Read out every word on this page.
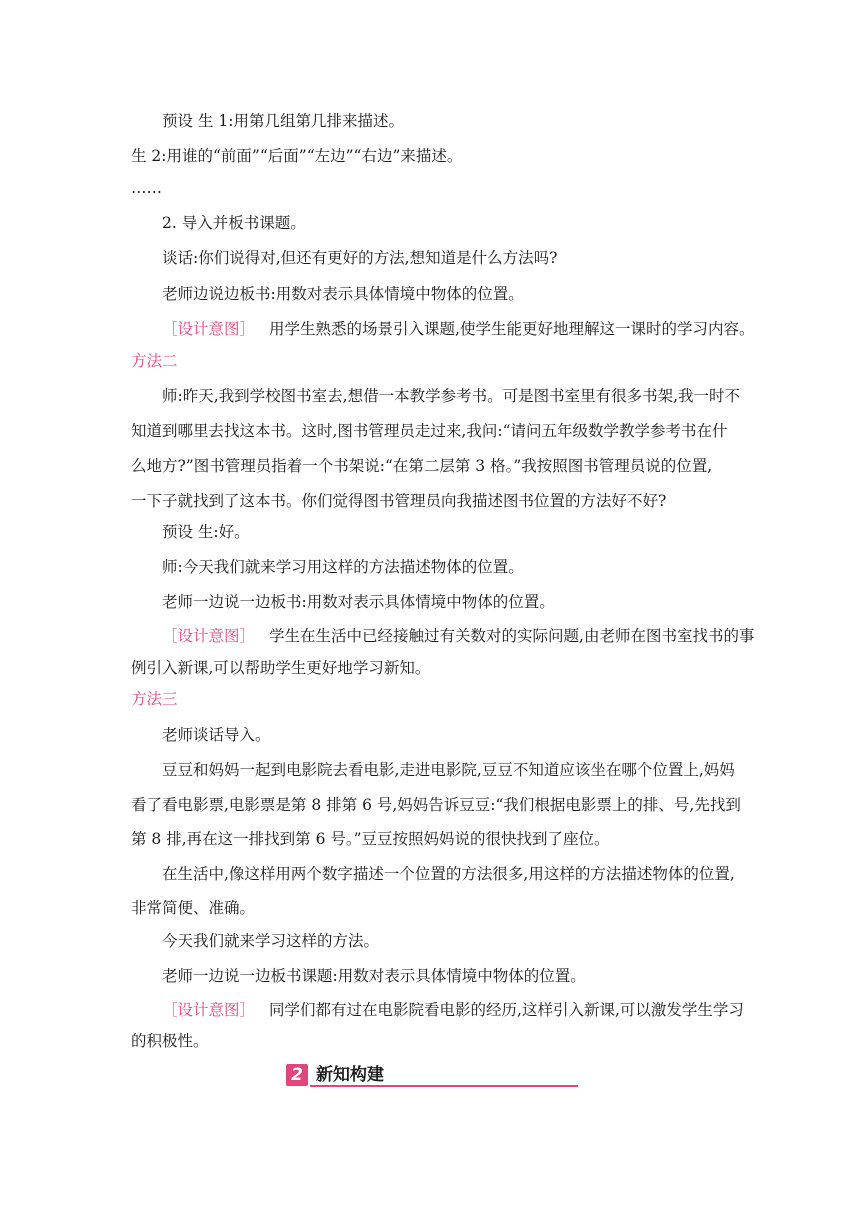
预设 生 1:用第几组第几排来描述。
生 2:用谁的“前面”“后面”“左边”“右边”来描述。
……
2. 导入并板书课题。
谈话:你们说得对,但还有更好的方法,想知道是什么方法吗?
老师边说边板书:用数对表示具体情境中物体的位置。
［设计意图］ 用学生熟悉的场景引入课题,使学生能更好地理解这一课时的学习内容。
方法二
师:昨天,我到学校图书室去,想借一本教学参考书。可是图书室里有很多书架,我一时不
知道到哪里去找这本书。这时,图书管理员走过来,我问:“请问五年级数学教学参考书在什
么地方?”图书管理员指着一个书架说:“在第二层第 3 格。”我按照图书管理员说的位置,
一下子就找到了这本书。你们觉得图书管理员向我描述图书位置的方法好不好?
预设 生:好。
师:今天我们就来学习用这样的方法描述物体的位置。
老师一边说一边板书:用数对表示具体情境中物体的位置。
［设计意图］ 学生在生活中已经接触过有关数对的实际问题,由老师在图书室找书的事
例引入新课,可以帮助学生更好地学习新知。
方法三
老师谈话导入。
豆豆和妈妈一起到电影院去看电影,走进电影院,豆豆不知道应该坐在哪个位置上,妈妈
看了看电影票,电影票是第 8 排第 6 号,妈妈告诉豆豆:“我们根据电影票上的排、号,先找到
第 8 排,再在这一排找到第 6 号。”豆豆按照妈妈说的很快找到了座位。
在生活中,像这样用两个数字描述一个位置的方法很多,用这样的方法描述物体的位置,
非常简便、准确。
今天我们就来学习这样的方法。
老师一边说一边板书课题:用数对表示具体情境中物体的位置。
［设计意图］ 同学们都有过在电影院看电影的经历,这样引入新课,可以激发学生学习
的积极性。
2 新知构建
